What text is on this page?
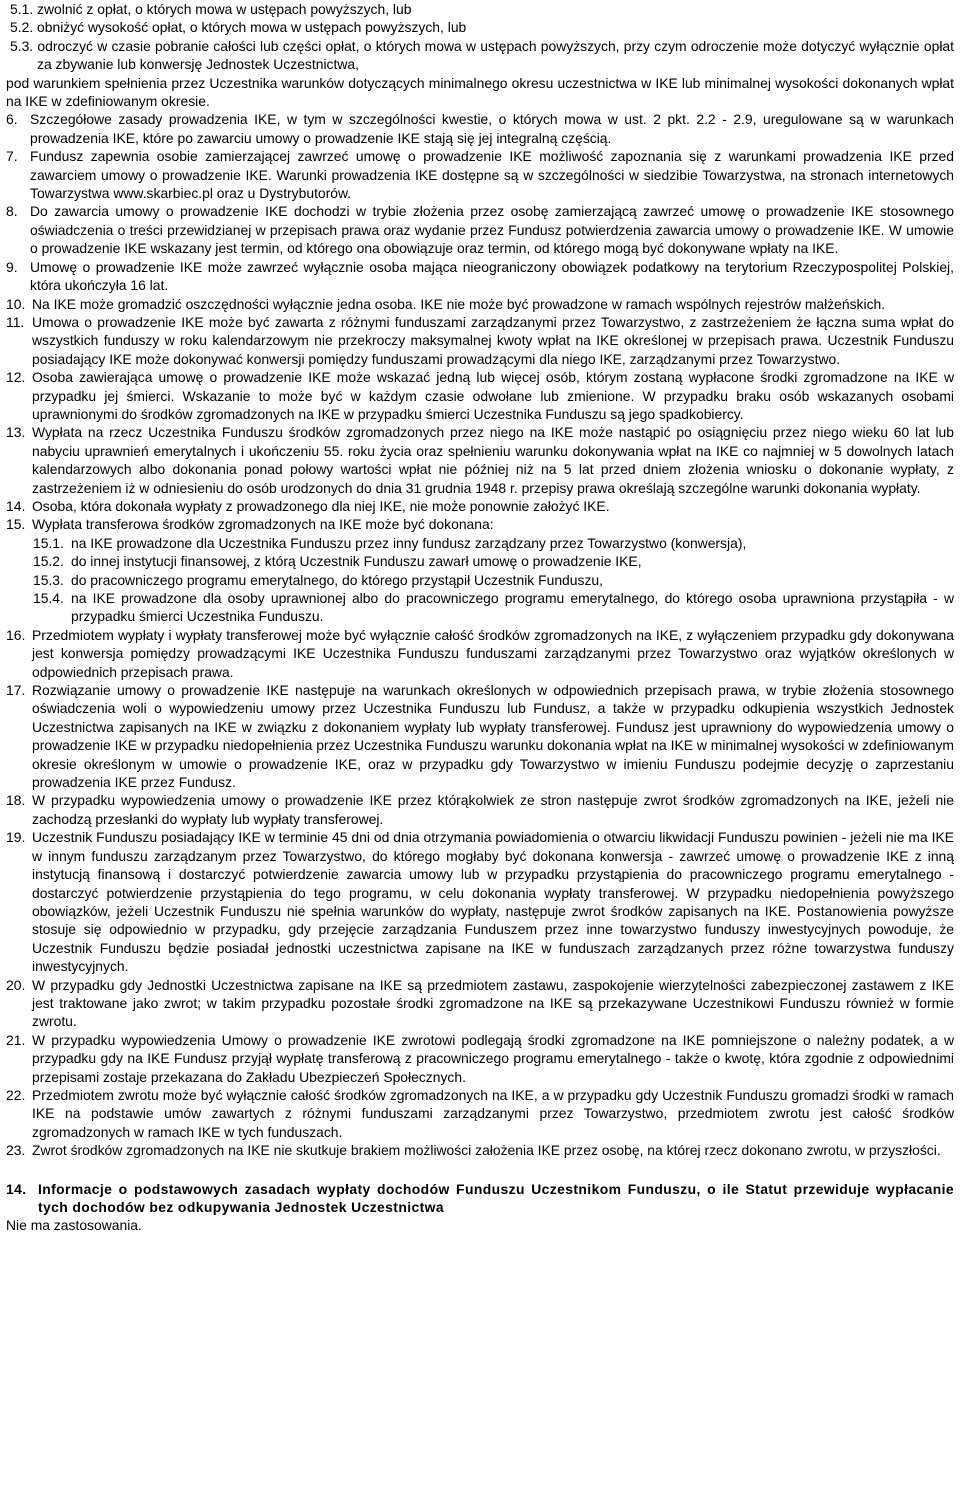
5.1. zwolnić z opłat, o których mowa w ustępach powyższych, lub

5.2. obniżyć wysokość opłat, o których mowa w ustępach powyższych, lub

5.3. odroczyć w czasie pobranie całości lub części opłat, o których mowa w ustępach powyższych, przy czym odroczenie może dotyczyć wyłącznie opłat za zbywanie lub konwersję Jednostek Uczestnictwa,

pod warunkiem spełnienia przez Uczestnika warunków dotyczących minimalnego okresu uczestnictwa w IKE lub minimalnej wysokości dokonanych wpłat na IKE w zdefiniowanym okresie.

6. Szczegółowe zasady prowadzenia IKE, w tym w szczególności kwestie, o których mowa w ust. 2 pkt. 2.2 - 2.9, uregulowane są w warunkach prowadzenia IKE, które po zawarciu umowy o prowadzenie IKE stają się jej integralną częścią.
7. Fundusz zapewnia osobie zamierzającej zawrzeć umowę o prowadzenie IKE możliwość zapoznania się z warunkami prowadzenia IKE przed zawarciem umowy o prowadzenie IKE. Warunki prowadzenia IKE dostępne są w szczególności w siedzibie Towarzystwa, na stronach internetowych Towarzystwa www.skarbiec.pl oraz u Dystrybutorów.
8. Do zawarcia umowy o prowadzenie IKE dochodzi w trybie złożenia przez osobę zamierzającą zawrzeć umowę o prowadzenie IKE stosownego oświadczenia o treści przewidzianej w przepisach prawa oraz wydanie przez Fundusz potwierdzenia zawarcia umowy o prowadzenie IKE. W umowie o prowadzenie IKE wskazany jest termin, od którego ona obowiązuje oraz termin, od którego mogą być dokonywane wpłaty na IKE.
9. Umowę o prowadzenie IKE może zawrzeć wyłącznie osoba mająca nieograniczony obowiązek podatkowy na terytorium Rzeczypospolitej Polskiej, która ukończyła 16 lat.
10. Na IKE może gromadzić oszczędności wyłącznie jedna osoba. IKE nie może być prowadzone w ramach wspólnych rejestrów małżeńskich.
11. Umowa o prowadzenie IKE może być zawarta z różnymi funduszami zarządzanymi przez Towarzystwo, z zastrzeżeniem że łączna suma wpłat do wszystkich funduszy w roku kalendarzowym nie przekroczy maksymalnej kwoty wpłat na IKE określonej w przepisach prawa. Uczestnik Funduszu posiadający IKE może dokonywać konwersji pomiędzy funduszami prowadzącymi dla niego IKE, zarządzanymi przez Towarzystwo.
12. Osoba zawierająca umowę o prowadzenie IKE może wskazać jedną lub więcej osób, którym zostaną wypłacone środki zgromadzone na IKE w przypadku jej śmierci. Wskazanie to może być w każdym czasie odwołane lub zmienione. W przypadku braku osób wskazanych osobami uprawnionymi do środków zgromadzonych na IKE w przypadku śmierci Uczestnika Funduszu są jego spadkobiercy.
13. Wypłata na rzecz Uczestnika Funduszu środków zgromadzonych przez niego na IKE może nastąpić po osiągnięciu przez niego wieku 60 lat lub nabyciu uprawnień emerytalnych i ukończeniu 55. roku życia oraz spełnieniu warunku dokonywania wpłat na IKE co najmniej w 5 dowolnych latach kalendarzowych albo dokonania ponad połowy wartości wpłat nie później niż na 5 lat przed dniem złożenia wniosku o dokonanie wypłaty, z zastrzeżeniem iż w odniesieniu do osób urodzonych do dnia 31 grudnia 1948 r. przepisy prawa określają szczególne warunki dokonania wypłaty.
14. Osoba, która dokonała wypłaty z prowadzonego dla niej IKE, nie może ponownie założyć IKE.
15. Wypłata transferowa środków zgromadzonych na IKE może być dokonana:
15.1. na IKE prowadzone dla Uczestnika Funduszu przez inny fundusz zarządzany przez Towarzystwo (konwersja),
15.2. do innej instytucji finansowej, z którą Uczestnik Funduszu zawarł umowę o prowadzenie IKE,
15.3. do pracowniczego programu emerytalnego, do którego przystąpił Uczestnik Funduszu,
15.4. na IKE prowadzone dla osoby uprawnionej albo do pracowniczego programu emerytalnego, do którego osoba uprawniona przystąpiła - w przypadku śmierci Uczestnika Funduszu.
16. Przedmiotem wypłaty i wypłaty transferowej może być wyłącznie całość środków zgromadzonych na IKE, z wyłączeniem przypadku gdy dokonywana jest konwersja pomiędzy prowadzącymi IKE Uczestnika Funduszu funduszami zarządzanymi przez Towarzystwo oraz wyjątków określonych w odpowiednich przepisach prawa.
17. Rozwiązanie umowy o prowadzenie IKE następuje na warunkach określonych w odpowiednich przepisach prawa, w trybie złożenia stosownego oświadczenia woli o wypowiedzeniu umowy przez Uczestnika Funduszu lub Fundusz, a także w przypadku odkupienia wszystkich Jednostek Uczestnictwa zapisanych na IKE w związku z dokonaniem wypłaty lub wypłaty transferowej. Fundusz jest uprawniony do wypowiedzenia umowy o prowadzenie IKE w przypadku niedopełnienia przez Uczestnika Funduszu warunku dokonania wpłat na IKE w minimalnej wysokości w zdefiniowanym okresie określonym w umowie o prowadzenie IKE, oraz w przypadku gdy Towarzystwo w imieniu Funduszu podejmie decyzję o zaprzestaniu prowadzenia IKE przez Fundusz.
18. W przypadku wypowiedzenia umowy o prowadzenie IKE przez którąkolwiek ze stron następuje zwrot środków zgromadzonych na IKE, jeżeli nie zachodzą przesłanki do wypłaty lub wypłaty transferowej.
19. Uczestnik Funduszu posiadający IKE w terminie 45 dni od dnia otrzymania powiadomienia o otwarciu likwidacji Funduszu powinien - jeżeli nie ma IKE w innym funduszu zarządzanym przez Towarzystwo, do którego mogłaby być dokonana konwersja - zawrzeć umowę o prowadzenie IKE z inną instytucją finansową i dostarczyć potwierdzenie zawarcia umowy lub w przypadku przystąpienia do pracowniczego programu emerytalnego - dostarczyć potwierdzenie przystąpienia do tego programu, w celu dokonania wypłaty transferowej. W przypadku niedopełnienia powyższego obowiązków, jeżeli Uczestnik Funduszu nie spełnia warunków do wypłaty, następuje zwrot środków zapisanych na IKE. Postanowienia powyższe stosuje się odpowiednio w przypadku, gdy przejęcie zarządzania Funduszem przez inne towarzystwo funduszy inwestycyjnych powoduje, że Uczestnik Funduszu będzie posiadał jednostki uczestnictwa zapisane na IKE w funduszach zarządzanych przez różne towarzystwa funduszy inwestycyjnych.
20. W przypadku gdy Jednostki Uczestnictwa zapisane na IKE są przedmiotem zastawu, zaspokojenie wierzytelności zabezpieczonej zastawem z IKE jest traktowane jako zwrot; w takim przypadku pozostałe środki zgromadzone na IKE są przekazywane Uczestnikowi Funduszu również w formie zwrotu.
21. W przypadku wypowiedzenia Umowy o prowadzenie IKE zwrotowi podlegają środki zgromadzone na IKE pomniejszone o należny podatek, a w przypadku gdy na IKE Fundusz przyjął wypłatę transferową z pracowniczego programu emerytalnego - także o kwotę, która zgodnie z odpowiednimi przepisami zostaje przekazana do Zakładu Ubezpieczeń Społecznych.
22. Przedmiotem zwrotu może być wyłącznie całość środków zgromadzonych na IKE, a w przypadku gdy Uczestnik Funduszu gromadzi środki w ramach IKE na podstawie umów zawartych z różnymi funduszami zarządzanymi przez Towarzystwo, przedmiotem zwrotu jest całość środków zgromadzonych w ramach IKE w tych funduszach.
23. Zwrot środków zgromadzonych na IKE nie skutkuje brakiem możliwości założenia IKE przez osobę, na której rzecz dokonano zwrotu, w przyszłości.
14. Informacje o podstawowych zasadach wypłaty dochodów Funduszu Uczestnikom Funduszu, o ile Statut przewiduje wypłacanie tych dochodów bez odkupywania Jednostek Uczestnictwa

Nie ma zastosowania.
